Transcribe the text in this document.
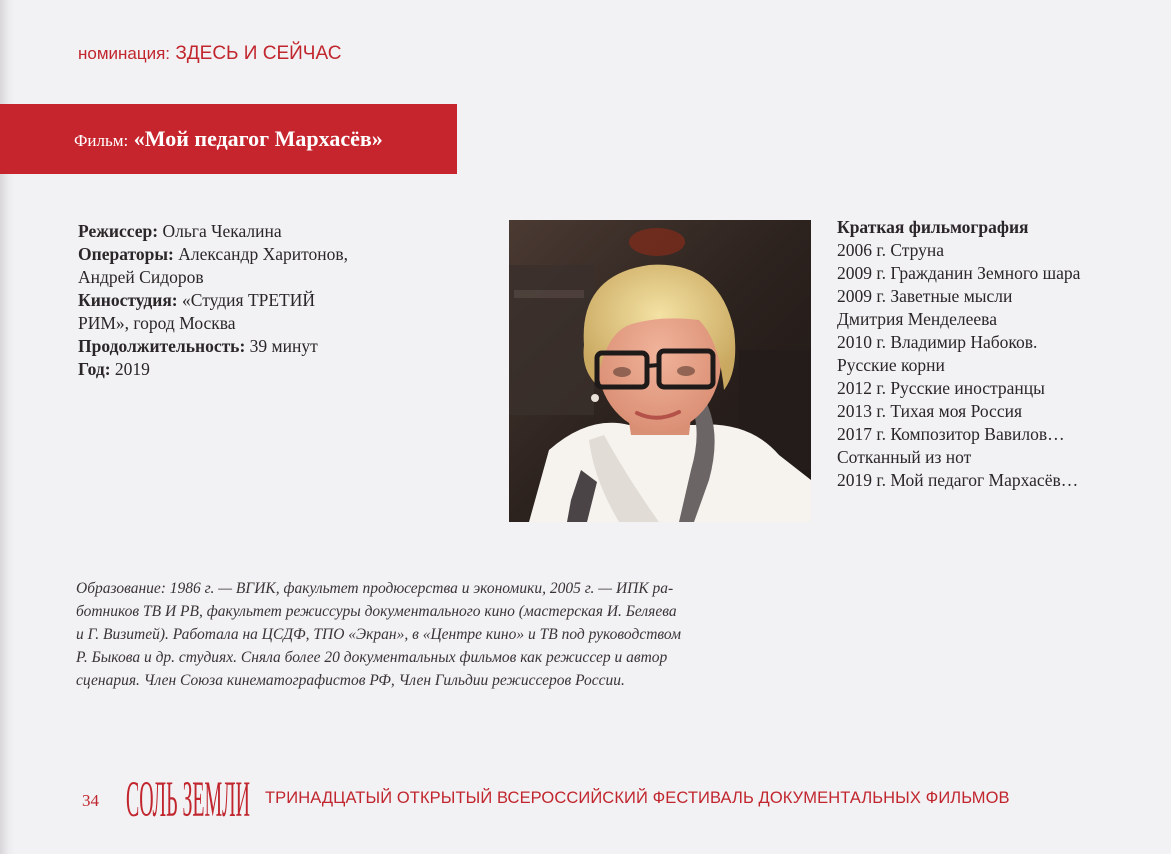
номинация: ЗДЕСЬ И СЕЙЧАС
Фильм: «Мой педагог Мархасёв»
Режиссер: Ольга Чекалина
Операторы: Александр Харитонов,
Андрей Сидоров
Киностудия: «Студия ТРЕТИЙ
РИМ», город Москва
Продолжительность: 39 минут
Год: 2019
Краткая фильмография
2006 г. Струна
2009 г. Гражданин Земного шара
2009 г. Заветные мысли
Дмитрия Менделеева
2010 г. Владимир Набоков.
Русские корни
2012 г. Русские иностранцы
2013 г. Тихая моя Россия
2017 г. Композитор Вавилов…
Сотканный из нот
2019 г. Мой педагог Мархасёв…
Образование: 1986 г. — ВГИК, факультет продюсерства и экономики, 2005 г. — ИПК ра-
ботников ТВ И РВ, факультет режиссуры документального кино (мастерская И. Беляева
и Г. Визитей). Работала на ЦСДФ, ТПО «Экран», в «Центре кино» и ТВ под руководством
Р. Быкова и др. студиях. Сняла более 20 документальных фильмов как режиссер и автор
сценария. Член Союза кинематографистов РФ, Член Гильдии режиссеров России.
34 СОЛЬ ЗЕМЛИ ТРИНАДЦАТЫЙ ОТКРЫТЫЙ ВСЕРОССИЙСКИЙ ФЕСТИВАЛЬ ДОКУМЕНТАЛЬНЫХ ФИЛЬМОВ
